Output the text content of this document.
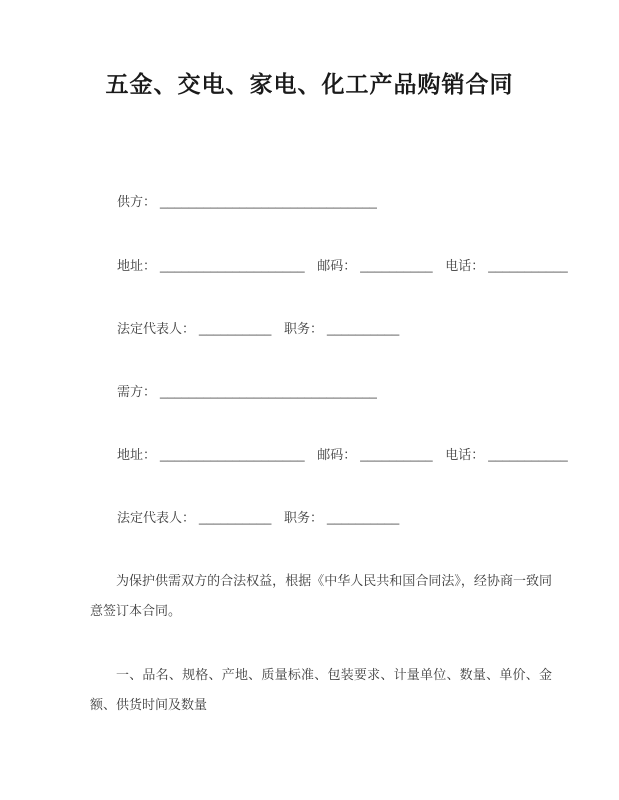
五金、交电、家电、化工产品购销合同
供方： ______________________________
地址： ____________________ 邮码： __________ 电话： ___________
法定代表人： __________ 职务： __________
需方： ______________________________
地址： ____________________ 邮码： __________ 电话： ___________
法定代表人： __________ 职务： __________

为保护供需双方的合法权益，根据《中华人民共和国合同法》，经协商一致同意签订本合同。

一、品名、规格、产地、质量标准、包装要求、计量单位、数量、单价、金额、供货时间及数量
